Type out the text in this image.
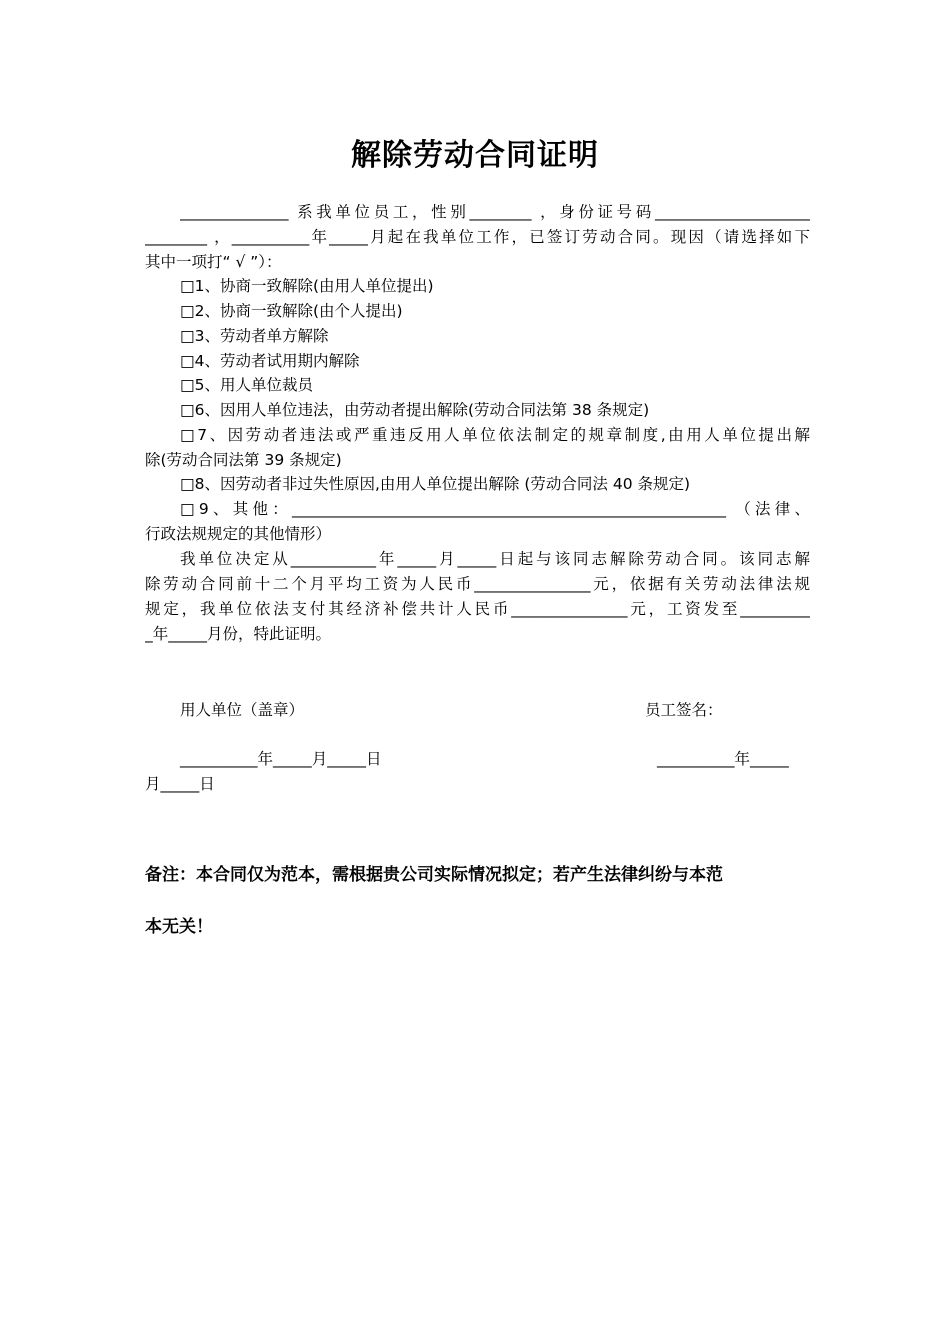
解除劳动合同证明
______________ 系我单位员工，性别________ ，身份证号码____________________
________ ，__________年_____月起在我单位工作，已签订劳动合同。现因（请选择如下
其中一项打“ √ ”）：
□1、协商一致解除(由用人单位提出)
□2、协商一致解除(由个人提出)
□3、劳动者单方解除
□4、劳动者试用期内解除
□5、用人单位裁员
□6、因用人单位违法，由劳动者提出解除(劳动合同法第 38 条规定)
□7、因劳动者违法或严重违反用人单位依法制定的规章制度,由用人单位提出解
除(劳动合同法第 39 条规定)
□8、因劳动者非过失性原因,由用人单位提出解除 (劳动合同法 40 条规定)
□9、其他：________________________________________________________ （法律、
行政法规规定的其他情形）
我单位决定从___________年_____月_____日起与该同志解除劳动合同。该同志解
除劳动合同前十二个月平均工资为人民币_______________元，依据有关劳动法律法规
规定，我单位依法支付其经济补偿共计人民币_______________元，工资发至_________
_年_____月份，特此证明。
用人单位（盖章）	员工签名：
__________年_____月_____日	__________年_____
月_____日
备注：本合同仅为范本，需根据贵公司实际情况拟定；若产生法律纠纷与本范
本无关！
